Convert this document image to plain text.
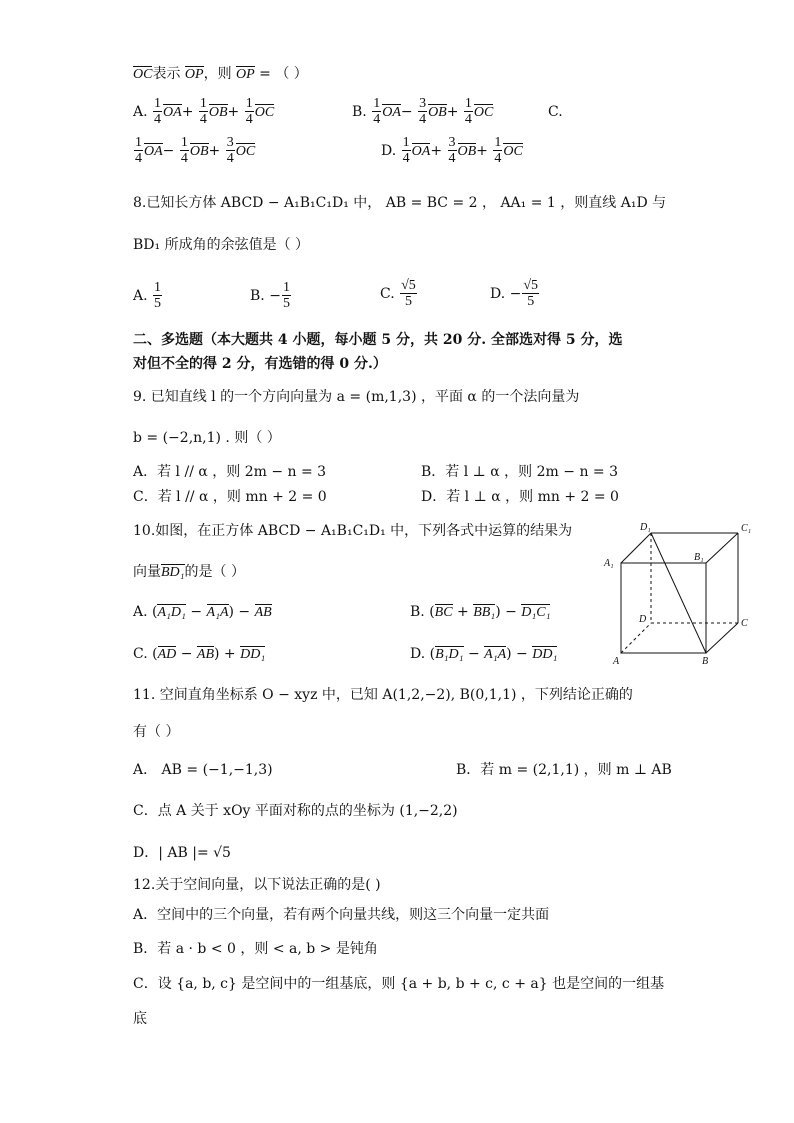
OC表示 OP，则 OP = （ ）
A. $\frac{1}{4} OA+ \frac{1}{4} OB+ \frac{1}{4}$ OC	B. $\frac{1}{4} OA- \frac{3}{4} OB+ \frac{1}{4}$ OC	C.
$\frac{1}{4} OA- \frac{1}{4} OB+ \frac{3}{4}$ OC	D. $\frac{1}{4} OA+ \frac{3}{4} OB+ \frac{1}{4}$ OC
8.已知长方体 ABCD − A₁B₁C₁D₁ 中， AB = BC = 2 ， AA₁ = 1 ，则直线 A₁D 与
BD₁ 所成角的余弦值是（ ）
A. $\frac{1}{5}$	B. − $\frac{1}{5}$	C. $\frac{√5}{5}$	D. − $\frac{√5}{5}$
二、多选题（本大题共 4 小题，每小题 5 分，共 20 分. 全部选对得 5 分，选
对但不全的得 2 分，有选错的得 0 分.）
9. 已知直线 l 的一个方向向量为 a = (m,1,3) ，平面 α 的一个法向量为
b = (−2,n,1) . 则（ ）
A．若 l // α ，则 2m − n = 3	B．若 l ⊥ α ，则 2m − n = 3
C．若 l // α ，则 mn + 2 = 0	D．若 l ⊥ α ，则 mn + 2 = 0
10.如图，在正方体 ABCD − A₁B₁C₁D₁ 中，下列各式中运算的结果为
向量BD₁的是（ ）
A. (A₁D₁ − A₁A) − AB	B. (BC + BB₁) − D₁C₁
C. (AD − AB) + DD₁	D. (B₁D₁ − A₁A) − DD₁
D₁	C₁
A₁
B₁
D	C
A	B
11. 空间直角坐标系 O − xyz 中，已知 A(1,2,−2), B(0,1,1) ，下列结论正确的
有（ ）
A． AB = (−1,−1,3)	B．若 m = (2,1,1) ，则 m ⊥ AB
C．点 A 关于 xOy 平面对称的点的坐标为 (1,−2,2)
D．| AB |= √5
12.关于空间向量，以下说法正确的是( )
A．空间中的三个向量，若有两个向量共线，则这三个向量一定共面
B．若 a · b < 0 ，则 < a, b > 是钝角
C．设 {a, b, c} 是空间中的一组基底，则 {a + b, b + c, c + a} 也是空间的一组基
底
